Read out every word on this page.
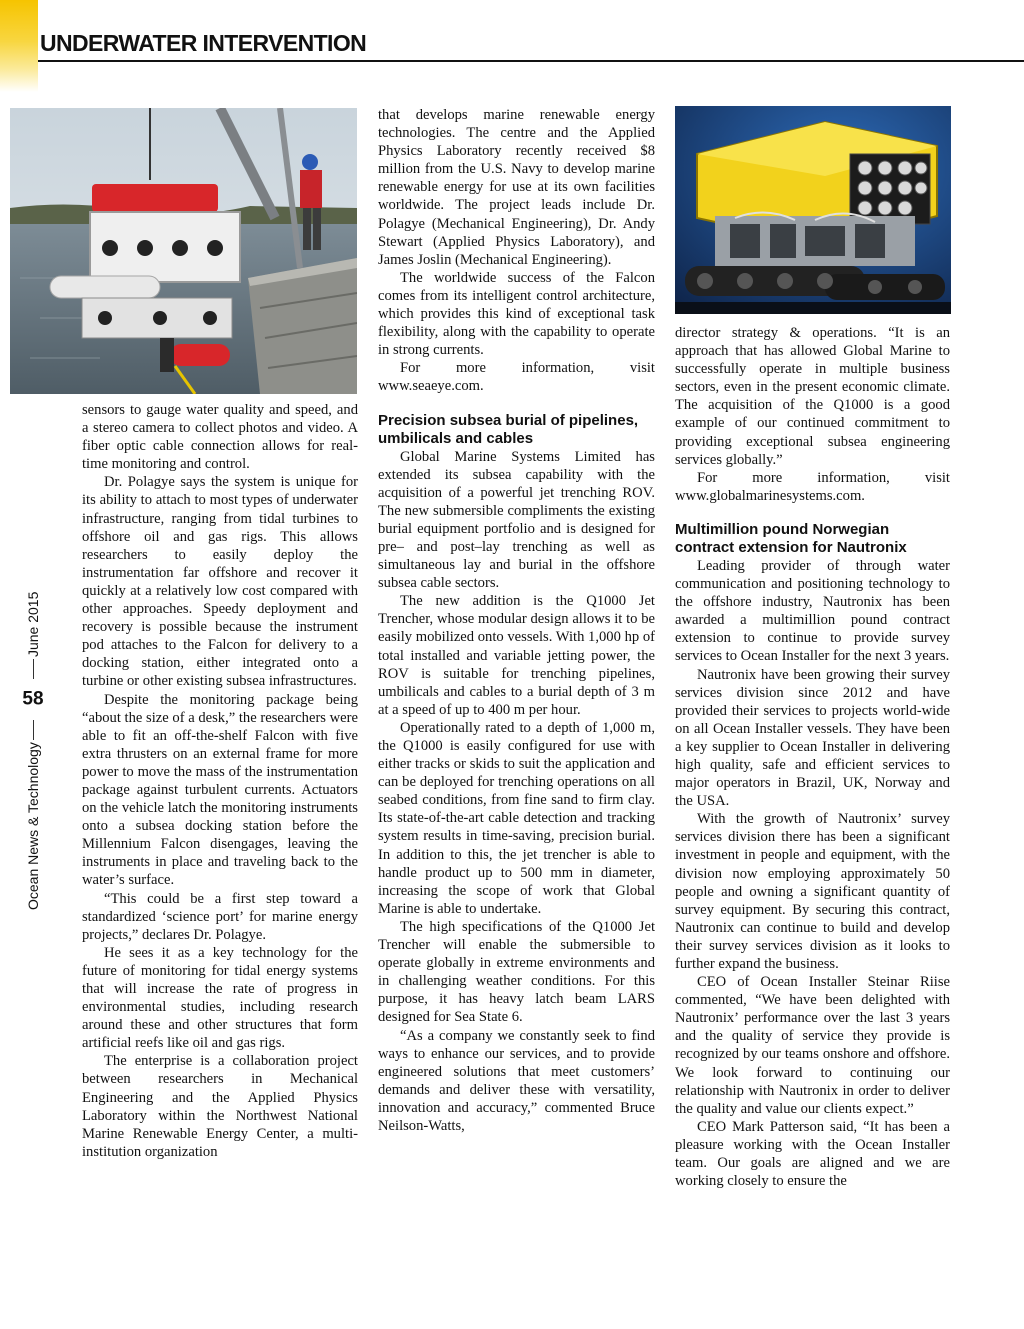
UNDERWATER INTERVENTION
Ocean News & Technology
58
June 2015

sensors to gauge water quality and speed, and a stereo camera to collect photos and video. A fiber optic cable connection allows for real-time monitoring and control.

Dr. Polagye says the system is unique for its ability to attach to most types of underwater infrastructure, ranging from tidal turbines to offshore oil and gas rigs. This allows researchers to easily deploy the instrumentation far offshore and recover it quickly at a relatively low cost compared with other approaches. Speedy deployment and recovery is possible because the instrument pod attaches to the Falcon for delivery to a docking station, either integrated onto a turbine or other existing subsea infrastructures.

Despite the monitoring package being “about the size of a desk,” the researchers were able to fit an off-the-shelf Falcon with five extra thrusters on an external frame for more power to move the mass of the instrumentation package against turbulent currents. Actuators on the vehicle latch the monitoring instruments onto a subsea docking station before the Millennium Falcon disengages, leaving the instruments in place and traveling back to the water’s surface.

“This could be a first step toward a standardized ‘science port’ for marine energy projects,” declares Dr. Polagye.

He sees it as a key technology for the future of monitoring for tidal energy systems that will increase the rate of progress in environmental studies, including research around these and other structures that form artificial reefs like oil and gas rigs.

The enterprise is a collaboration project between researchers in Mechanical Engineering and the Applied Physics Laboratory within the Northwest National Marine Renewable Energy Center, a multi-institution organization

that develops marine renewable energy technologies. The centre and the Applied Physics Laboratory recently received $8 million from the U.S. Navy to develop marine renewable energy for use at its own facilities worldwide. The project leads include Dr. Polagye (Mechanical Engineering), Dr. Andy Stewart (Applied Physics Laboratory), and James Joslin (Mechanical Engineering).

The worldwide success of the Falcon comes from its intelligent control architecture, which provides this kind of exceptional task flexibility, along with the capability to operate in strong currents.

For more information, visit www.seaeye.com.

Precision subsea burial of pipelines, umbilicals and cables

Global Marine Systems Limited has extended its subsea capability with the acquisition of a powerful jet trenching ROV. The new submersible compliments the existing burial equipment portfolio and is designed for pre– and post–lay trenching as well as simultaneous lay and burial in the offshore subsea cable sectors.

The new addition is the Q1000 Jet Trencher, whose modular design allows it to be easily mobilized onto vessels. With 1,000 hp of total installed and variable jetting power, the ROV is suitable for trenching pipelines, umbilicals and cables to a burial depth of 3 m at a speed of up to 400 m per hour.

Operationally rated to a depth of 1,000 m, the Q1000 is easily configured for use with either tracks or skids to suit the application and can be deployed for trenching operations on all seabed conditions, from fine sand to firm clay. Its state-of-the-art cable detection and tracking system results in time-saving, precision burial. In addition to this, the jet trencher is able to handle product up to 500 mm in diameter, increasing the scope of work that Global Marine is able to undertake.

The high specifications of the Q1000 Jet Trencher will enable the submersible to operate globally in extreme environments and in challenging weather conditions. For this purpose, it has heavy latch beam LARS designed for Sea State 6.

“As a company we constantly seek to find ways to enhance our services, and to provide engineered solutions that meet customers’ demands and deliver these with versatility, innovation and accuracy,” commented Bruce Neilson-Watts,

director strategy & operations. “It is an approach that has allowed Global Marine to successfully operate in multiple business sectors, even in the present economic climate. The acquisition of the Q1000 is a good example of our continued commitment to providing exceptional subsea engineering services globally.”

For more information, visit www.globalmarinesystems.com.

Multimillion pound Norwegian contract extension for Nautronix

Leading provider of through water communication and positioning technology to the offshore industry, Nautronix has been awarded a multimillion pound contract extension to continue to provide survey services to Ocean Installer for the next 3 years.

Nautronix have been growing their survey services division since 2012 and have provided their services to projects world-wide on all Ocean Installer vessels. They have been a key supplier to Ocean Installer in delivering high quality, safe and efficient services to major operators in Brazil, UK, Norway and the USA.

With the growth of Nautronix’ survey services division there has been a significant investment in people and equipment, with the division now employing approximately 50 people and owning a significant quantity of survey equipment. By securing this contract, Nautronix can continue to build and develop their survey services division as it looks to further expand the business.

CEO of Ocean Installer Steinar Riise commented, “We have been delighted with Nautronix’ performance over the last 3 years and the quality of service they provide is recognized by our teams onshore and offshore. We look forward to continuing our relationship with Nautronix in order to deliver the quality and value our clients expect.”

CEO Mark Patterson said, “It has been a pleasure working with the Ocean Installer team. Our goals are aligned and we are working closely to ensure the
